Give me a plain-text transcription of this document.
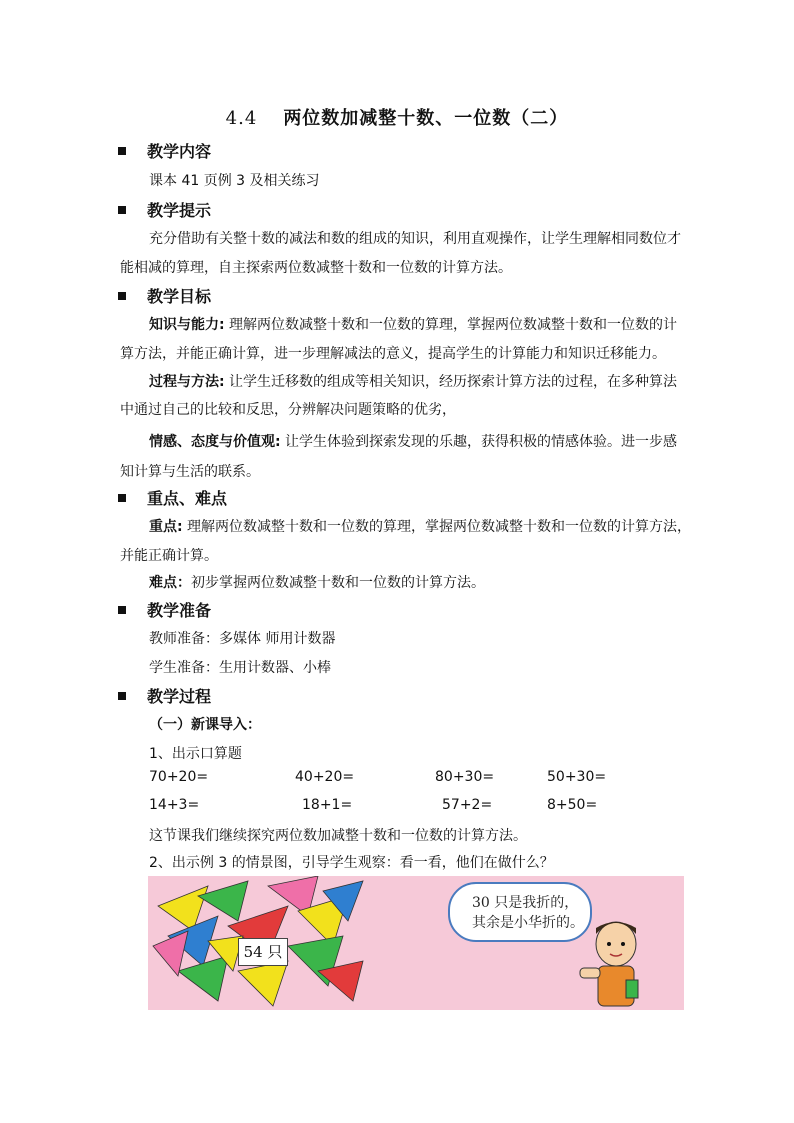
4.4 两位数加减整十数、一位数（二）
教学内容
课本 41 页例 3 及相关练习
教学提示
充分借助有关整十数的减法和数的组成的知识，利用直观操作，让学生理解相同数位才
能相减的算理，自主探索两位数减整十数和一位数的计算方法。
教学目标
知识与能力: 理解两位数减整十数和一位数的算理，掌握两位数减整十数和一位数的计
算方法，并能正确计算，进一步理解减法的意义，提高学生的计算能力和知识迁移能力。
过程与方法: 让学生迁移数的组成等相关知识，经历探索计算方法的过程，在多种算法
中通过自己的比较和反思，分辨解决问题策略的优劣，
情感、态度与价值观: 让学生体验到探索发现的乐趣，获得积极的情感体验。进一步感
知计算与生活的联系。
重点、难点
重点: 理解两位数减整十数和一位数的算理，掌握两位数减整十数和一位数的计算方法，
并能正确计算。
难点：初步掌握两位数减整十数和一位数的计算方法。
教学准备
教师准备：多媒体 师用计数器
学生准备：生用计数器、小棒
教学过程
（一）新课导入：
1、出示口算题
70+20=	40+20=	80+30=	50+30=
14+3=	18+1=	57+2=	8+50=
这节课我们继续探究两位数加减整十数和一位数的计算方法。
2、出示例 3 的情景图，引导学生观察：看一看，他们在做什么？
54 只
30 只是我折的，
其余是小华折的。
